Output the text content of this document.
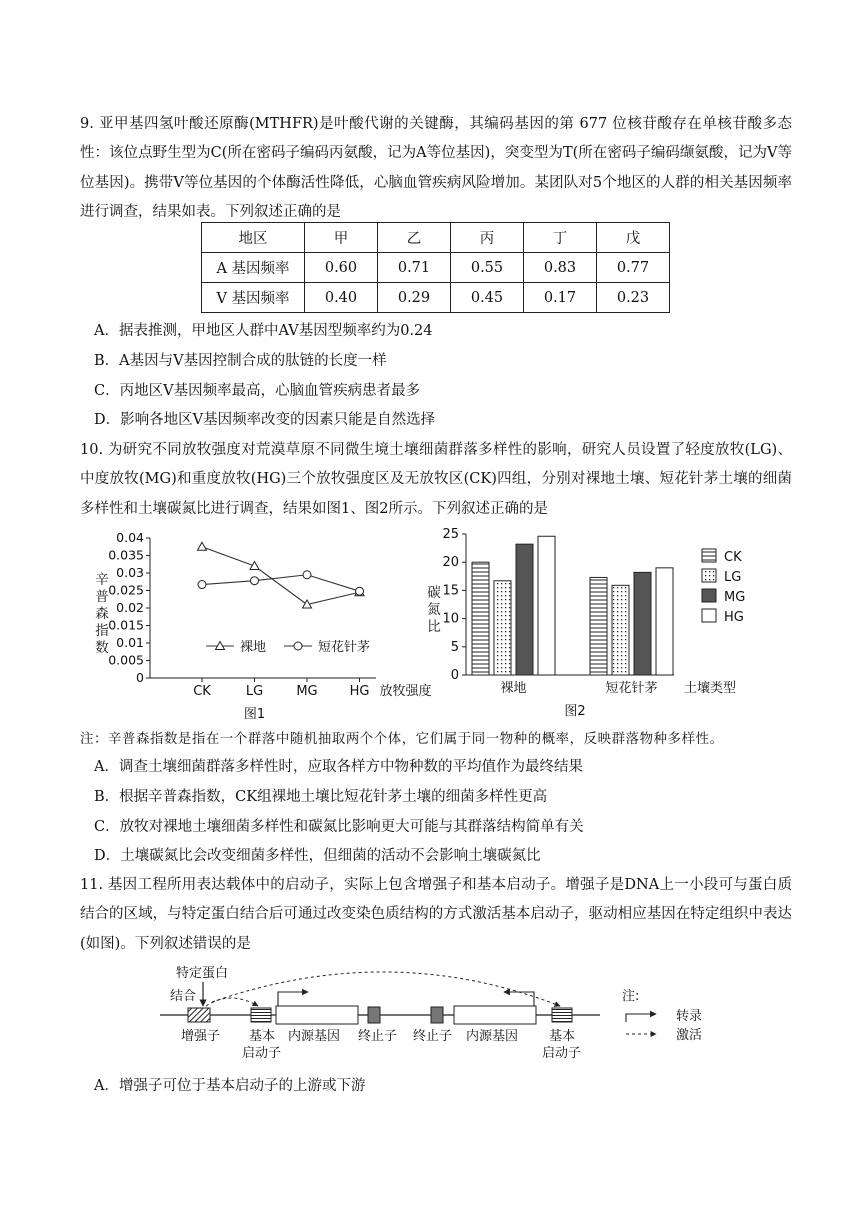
9. 亚甲基四氢叶酸还原酶(MTHFR)是叶酸代谢的关键酶，其编码基因的第 677 位核苷酸存在单核苷酸多态性：该位点野生型为C(所在密码子编码丙氨酸，记为A等位基因)，突变型为T(所在密码子编码缬氨酸，记为V等位基因)。携带V等位基因的个体酶活性降低，心脑血管疾病风险增加。某团队对5个地区的人群的相关基因频率进行调查，结果如表。下列叙述正确的是
地区	甲	乙	丙	丁	戊
A 基因频率	0.60	0.71	0.55	0.83	0.77
V 基因频率	0.40	0.29	0.45	0.17	0.23
A．据表推测，甲地区人群中AV基因型频率约为0.24
B．A基因与V基因控制合成的肽链的长度一样
C．丙地区V基因频率最高，心脑血管疾病患者最多
D．影响各地区V基因频率改变的因素只能是自然选择
10. 为研究不同放牧强度对荒漠草原不同微生境土壤细菌群落多样性的影响，研究人员设置了轻度放牧(LG)、中度放牧(MG)和重度放牧(HG)三个放牧强度区及无放牧区(CK)四组，分别对裸地土壤、短花针茅土壤的细菌多样性和土壤碳氮比进行调查，结果如图1、图2所示。下列叙述正确的是
0
0.005
0.01
0.015
0.02
0.025
0.03
0.035
0.04
CK	LG	MG HG 放牧强度
辛
普
森
指
数
图1
裸地	短花针茅
0
5
10
15
20
25
碳
氮
比
裸地	短花针茅 土壤类型
图2
CK
LG
MG
HG
注：辛普森指数是指在一个群落中随机抽取两个个体，它们属于同一物种的概率，反映群落物种多样性。
A．调查土壤细菌群落多样性时，应取各样方中物种数的平均值作为最终结果
B．根据辛普森指数，CK组裸地土壤比短花针茅土壤的细菌多样性更高
C．放牧对裸地土壤细菌多样性和碳氮比影响更大可能与其群落结构简单有关
D．土壤碳氮比会改变细菌多样性，但细菌的活动不会影响土壤碳氮比
11. 基因工程所用表达载体中的启动子，实际上包含增强子和基本启动子。增强子是DNA上一小段可与蛋白质结合的区域，与特定蛋白结合后可通过改变染色质结构的方式激活基本启动子，驱动相应基因在特定组织中表达(如图)。下列叙述错误的是
特定蛋白
结合
增强子 基本
启动子
内源基因 终止子 终止子 内源基因 基本
启动子
注:
转录
激活
A．增强子可位于基本启动子的上游或下游
